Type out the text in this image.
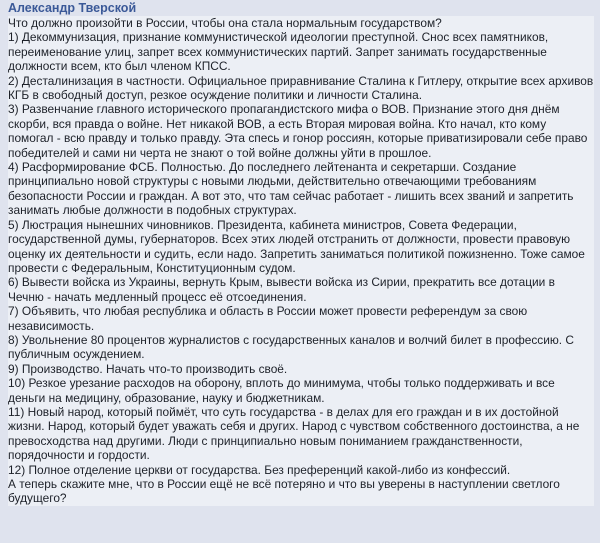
Александр Тверской
Что должно произойти в России, чтобы она стала нормальным государством?
1) Декоммунизация, признание коммунистической идеологии преступной. Снос всех памятников, переименование улиц, запрет всех коммунистических партий. Запрет занимать государственные должности всем, кто был членом КПСС.
2) Десталинизация в частности. Официальное приравнивание Сталина к Гитлеру, открытие всех архивов КГБ в свободный доступ, резкое осуждение политики и личности Сталина.
3) Развенчание главного исторического пропагандистского мифа о ВОВ. Признание этого дня днём скорби, вся правда о войне. Нет никакой ВОВ, а есть Вторая мировая война. Кто начал, кто кому помогал - всю правду и только правду. Эта спесь и гонор россиян, которые приватизировали себе право победителей и сами ни черта не знают о той войне должны уйти в прошлое.
4) Расформирование ФСБ. Полностью. До последнего лейтенанта и секретарши. Создание принципиально новой структуры с новыми людьми, действительно отвечающими требованиям безопасности России и граждан. А вот это, что там сейчас работает - лишить всех званий и запретить занимать любые должности в подобных структурах.
5) Люстрация нынешних чиновников. Президента, кабинета министров, Совета Федерации, государственной думы, губернаторов. Всех этих людей отстранить от должности, провести правовую оценку их деятельности и судить, если надо. Запретить заниматься политикой пожизненно. Тоже самое провести с Федеральным, Конституционным судом.
6) Вывести войска из Украины, вернуть Крым, вывести войска из Сирии, прекратить все дотации в Чечню - начать медленный процесс её отсоединения.
7) Объявить, что любая республика и область в России может провести референдум за свою независимость.
8) Увольнение 80 процентов журналистов с государственных каналов и волчий билет в профессию. С публичным осуждением.
9) Производство. Начать что-то производить своё.
10) Резкое урезание расходов на оборону, вплоть до минимума, чтобы только поддерживать и все деньги на медицину, образование, науку и бюджетникам.
11) Новый народ, который поймёт, что суть государства - в делах для его граждан и в их достойной жизни. Народ, который будет уважать себя и других. Народ с чувством собственного достоинства, а не превосходства над другими. Люди с принципиально новым пониманием гражданственности, порядочности и гордости.
12) Полное отделение церкви от государства. Без преференций какой-либо из конфессий.
А теперь скажите мне, что в России ещё не всё потеряно и что вы уверены в наступлении светлого будущего?
